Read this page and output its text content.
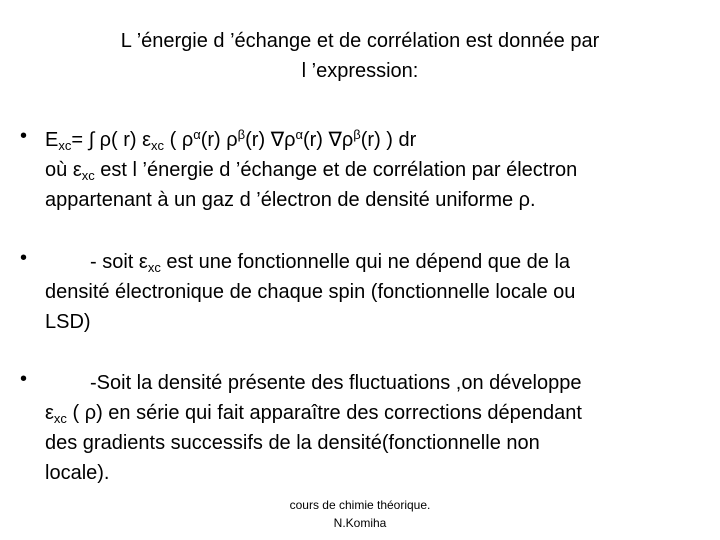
L ’énergie d ’échange et de corrélation est donnée par
l ’expression:
• $E_{xc}=$ ∫ ρ( r) $\varepsilon_{xc}$ ( $\rho^\alpha(r)$ $\rho^\beta(r)$ $\nabla\rho^\alpha(r)$ $\nabla\rho^\beta(r)$ ) dr
où $\varepsilon_{xc}$ est l ’énergie d ’échange et de corrélation par électron
appartenant à un gaz d ’électron de densité uniforme ρ.
•	- soit $\varepsilon_{xc}$ est une fonctionnelle qui ne dépend que de la
densité électronique de chaque spin (fonctionnelle locale ou
LSD)
•	-Soit la densité présente des fluctuations ,on développe
$\varepsilon_{xc}$ ( ρ) en série qui fait apparaître des corrections dépendant
des gradients successifs de la densité(fonctionnelle non
locale).
cours de chimie théorique.
N.Komiha
